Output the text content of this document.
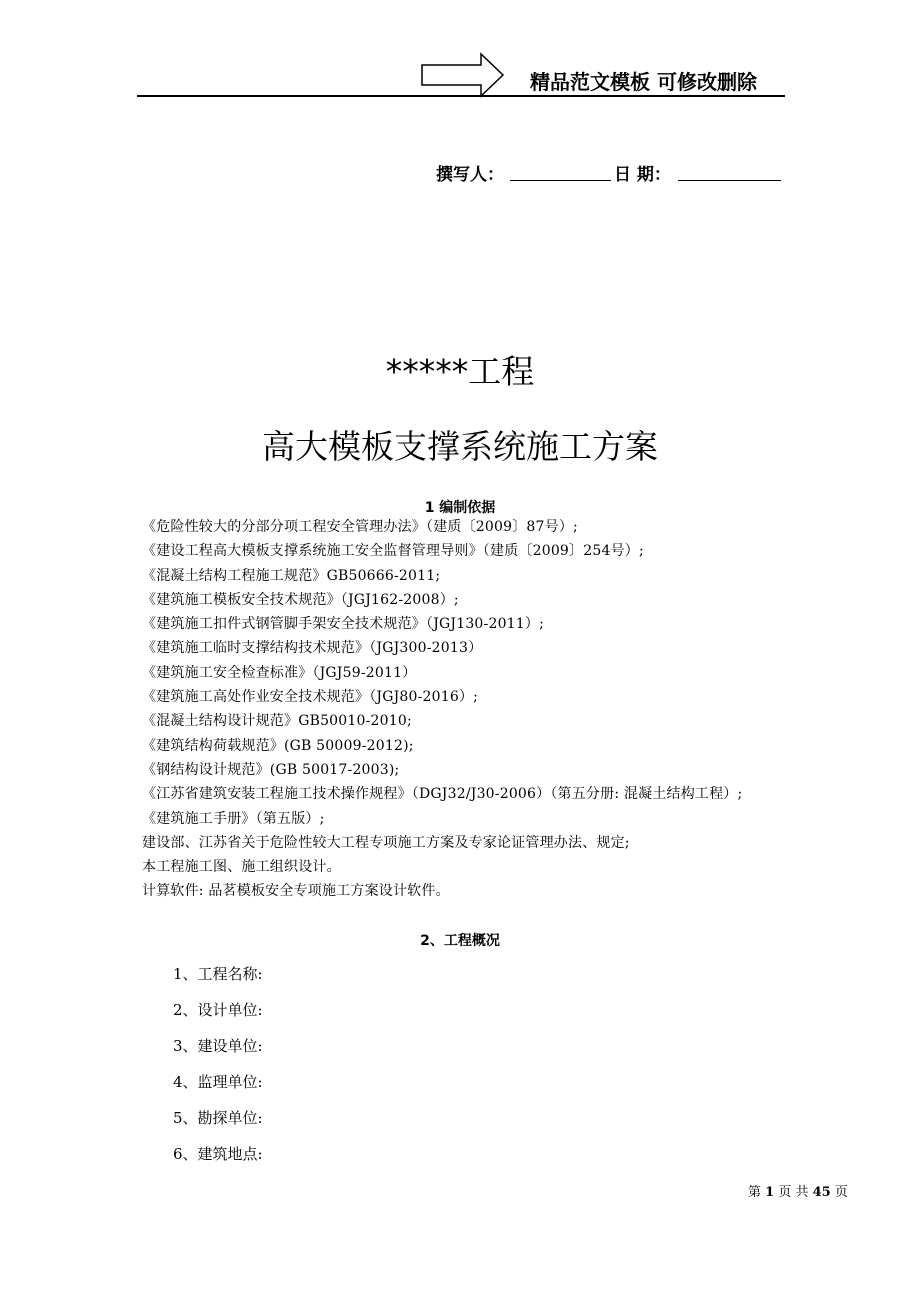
精品范文模板 可修改删除
撰写人：	日 期：
*****工程
高大模板支撑系统施工方案
1 编制依据
《危险性较大的分部分项工程安全管理办法》（建质〔2009〕87号）;
《建设工程高大模板支撑系统施工安全监督管理导则》（建质〔2009〕254号）;
《混凝土结构工程施工规范》GB50666-2011;
《建筑施工模板安全技术规范》（JGJ162-2008）;
《建筑施工扣件式钢管脚手架安全技术规范》（JGJ130-2011）;
《建筑施工临时支撑结构技术规范》（JGJ300-2013）
《建筑施工安全检查标准》（JGJ59-2011）
《建筑施工高处作业安全技术规范》（JGJ80-2016）;
《混凝土结构设计规范》GB50010-2010;
《建筑结构荷载规范》(GB 50009-2012);
《钢结构设计规范》(GB 50017-2003);
《江苏省建筑安装工程施工技术操作规程》（DGJ32/J30-2006）（第五分册: 混凝土结构工程）;
《建筑施工手册》（第五版）;
建设部、江苏省关于危险性较大工程专项施工方案及专家论证管理办法、规定;
本工程施工图、施工组织设计。
计算软件: 品茗模板安全专项施工方案设计软件。
2、工程概况
1、工程名称:
2、设计单位:
3、建设单位:
4、监理单位:
5、勘探单位:
6、建筑地点:
第 1 页 共 45 页
